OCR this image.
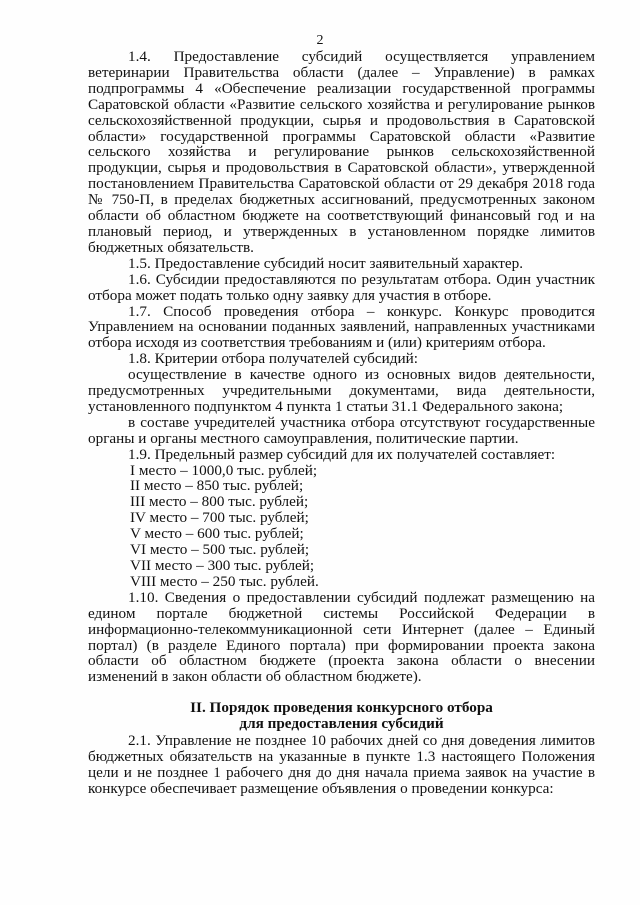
2

1.4. Предоставление субсидий осуществляется управлением ветеринарии Правительства области (далее – Управление) в рамках подпрограммы 4 «Обеспечение реализации государственной программы Саратовской области «Развитие сельского хозяйства и регулирование рынков сельскохозяйственной продукции, сырья и продовольствия в Саратовской области» государственной программы Саратовской области «Развитие сельского хозяйства и регулирование рынков сельскохозяйственной продукции, сырья и продовольствия в Саратовской области», утвержденной постановлением Правительства Саратовской области от 29 декабря 2018 года № 750-П, в пределах бюджетных ассигнований, предусмотренных законом области об областном бюджете на соответствующий финансовый год и на плановый период, и утвержденных в установленном порядке лимитов бюджетных обязательств.

1.5. Предоставление субсидий носит заявительный характер.

1.6. Субсидии предоставляются по результатам отбора. Один участник отбора может подать только одну заявку для участия в отборе.

1.7. Способ проведения отбора – конкурс. Конкурс проводится Управлением на основании поданных заявлений, направленных участниками отбора исходя из соответствия требованиям и (или) критериям отбора.

1.8. Критерии отбора получателей субсидий:

осуществление в качестве одного из основных видов деятельности, предусмотренных учредительными документами, вида деятельности, установленного подпунктом 4 пункта 1 статьи 31.1 Федерального закона;

в составе учредителей участника отбора отсутствуют государственные органы и органы местного самоуправления, политические партии.

1.9. Предельный размер субсидий для их получателей составляет:

I место – 1000,0 тыс. рублей;

II место – 850 тыс. рублей;

III место – 800 тыс. рублей;

IV место – 700 тыс. рублей;

V место – 600 тыс. рублей;

VI место – 500 тыс. рублей;

VII место – 300 тыс. рублей;

VIII место – 250 тыс. рублей.

1.10. Сведения о предоставлении субсидий подлежат размещению на едином портале бюджетной системы Российской Федерации в информационно-телекоммуникационной сети Интернет (далее – Единый портал) (в разделе Единого портала) при формировании проекта закона области об областном бюджете (проекта закона области о внесении изменений в закон области об областном бюджете).

II. Порядок проведения конкурсного отбора
для предоставления субсидий

2.1. Управление не позднее 10 рабочих дней со дня доведения лимитов бюджетных обязательств на указанные в пункте 1.3 настоящего Положения цели и не позднее 1 рабочего дня до дня начала приема заявок на участие в конкурсе обеспечивает размещение объявления о проведении конкурса:
